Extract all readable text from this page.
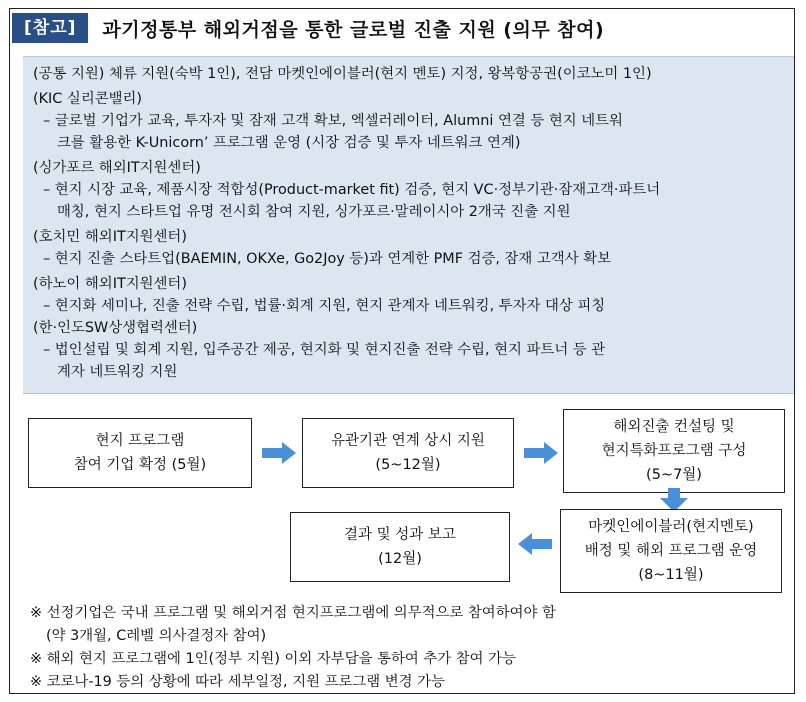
[참고]	과기정통부 해외거점을 통한 글로벌 진출 지원 (의무 참여)
(공통 지원) 체류 지원(숙박 1인), 전담 마켓인에이블러(현지 멘토) 지정, 왕복항공권(이코노미 1인)
(KIC 실리콘밸리)
– 글로벌 기업가 교육, 투자자 및 잠재 고객 확보, 엑셀러레이터, Alumni 연결 등 현지 네트워
크를 활용한 K-Unicorn’ 프로그램 운영 (시장 검증 및 투자 네트워크 연계)
(싱가포르 해외IT지원센터)
– 현지 시장 교육, 제품시장 적합성(Product-market fit) 검증, 현지 VC·정부기관·잠재고객·파트너
매칭, 현지 스타트업 유명 전시회 참여 지원, 싱가포르·말레이시아 2개국 진출 지원
(호치민 해외IT지원센터)
– 현지 진출 스타트업(BAEMIN, OKXe, Go2Joy 등)과 연계한 PMF 검증, 잠재 고객사 확보
(하노이 해외IT지원센터)
– 현지화 세미나, 진출 전략 수립, 법률·회계 지원, 현지 관계자 네트워킹, 투자자 대상 피칭
(한·인도SW상생협력센터)
– 법인설립 및 회계 지원, 입주공간 제공, 현지화 및 현지진출 전략 수립, 현지 파트너 등 관
계자 네트워킹 지원
현지 프로그램
참여 기업 확정 (5월)
유관기관 연계 상시 지원
(5~12월)
해외진출 컨설팅 및
현지특화프로그램 구성
(5~7월)
마켓인에이블러(현지멘토)
배정 및 해외 프로그램 운영
(8~11월)
결과 및 성과 보고
(12월)
※ 선정기업은 국내 프로그램 및 해외거점 현지프로그램에 의무적으로 참여하여야 함
(약 3개월, C레벨 의사결정자 참여)
※ 해외 현지 프로그램에 1인(정부 지원) 이외 자부담을 통하여 추가 참여 가능
※ 코로나-19 등의 상황에 따라 세부일정, 지원 프로그램 변경 가능
